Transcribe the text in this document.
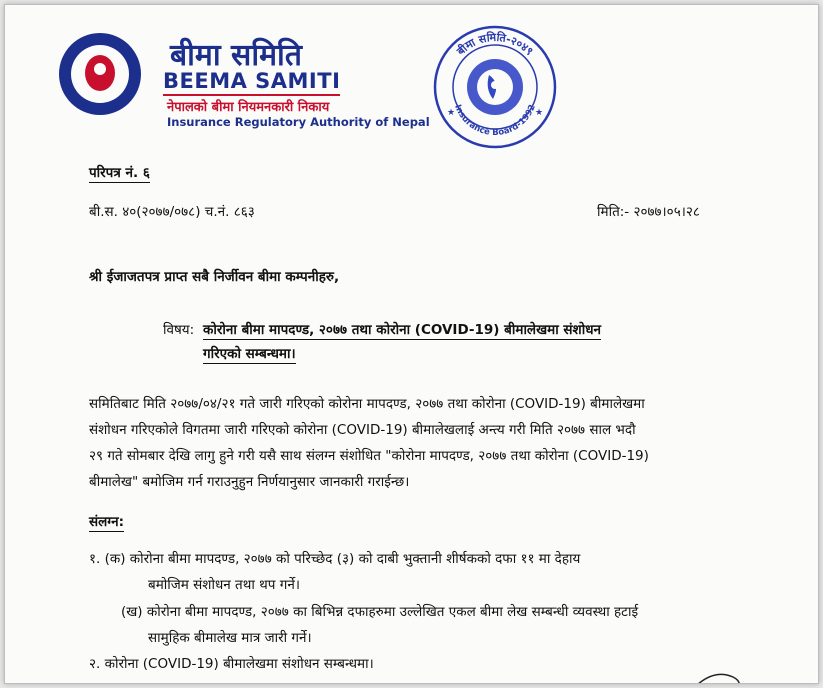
बीमा समिति
BEEMA SAMITI
नेपालको बीमा नियमनकारी निकाय
Insurance Regulatory Authority of Nepal
बीमा समिति-२०४९
Insurance Board-1992
★	★
परिपत्र नं. ६
बी.स. ४०(२०७७/०७८) च.नं. ८६३	मिति:- २०७७।०५।२८
श्री ईजाजतपत्र प्राप्त सबै निर्जीवन बीमा कम्पनीहरु,
विषय: कोरोना बीमा मापदण्ड, २०७७ तथा कोरोना (COVID-19) बीमालेखमा संशोधन
गरिएको सम्बन्धमा।
समितिबाट मिति २०७७/०४/२१ गते जारी गरिएको कोरोना मापदण्ड, २०७७ तथा कोरोना (COVID-19) बीमालेखमा
संशोधन गरिएकोले विगतमा जारी गरिएको कोरोना (COVID-19) बीमालेखलाई अन्त्य गरी मिति २०७७ साल भदौ
२९ गते सोमबार देखि लागु हुने गरी यसै साथ संलग्न संशोधित "कोरोना मापदण्ड, २०७७ तथा कोरोना (COVID-19)
बीमालेख" बमोजिम गर्न गराउनुहुन निर्णयानुसार जानकारी गराईन्छ।
संलग्न:
१. (क) कोरोना बीमा मापदण्ड, २०७७ को परिच्छेद (३) को दाबी भुक्तानी शीर्षकको दफा ११ मा देहाय
बमोजिम संशोधन तथा थप गर्ने।
(ख) कोरोना बीमा मापदण्ड, २०७७ का बिभिन्न दफाहरुमा उल्लेखित एकल बीमा लेख सम्बन्धी व्यवस्था हटाई
सामुहिक बीमालेख मात्र जारी गर्ने।
२. कोरोना (COVID-19) बीमालेखमा संशोधन सम्बन्धमा।
